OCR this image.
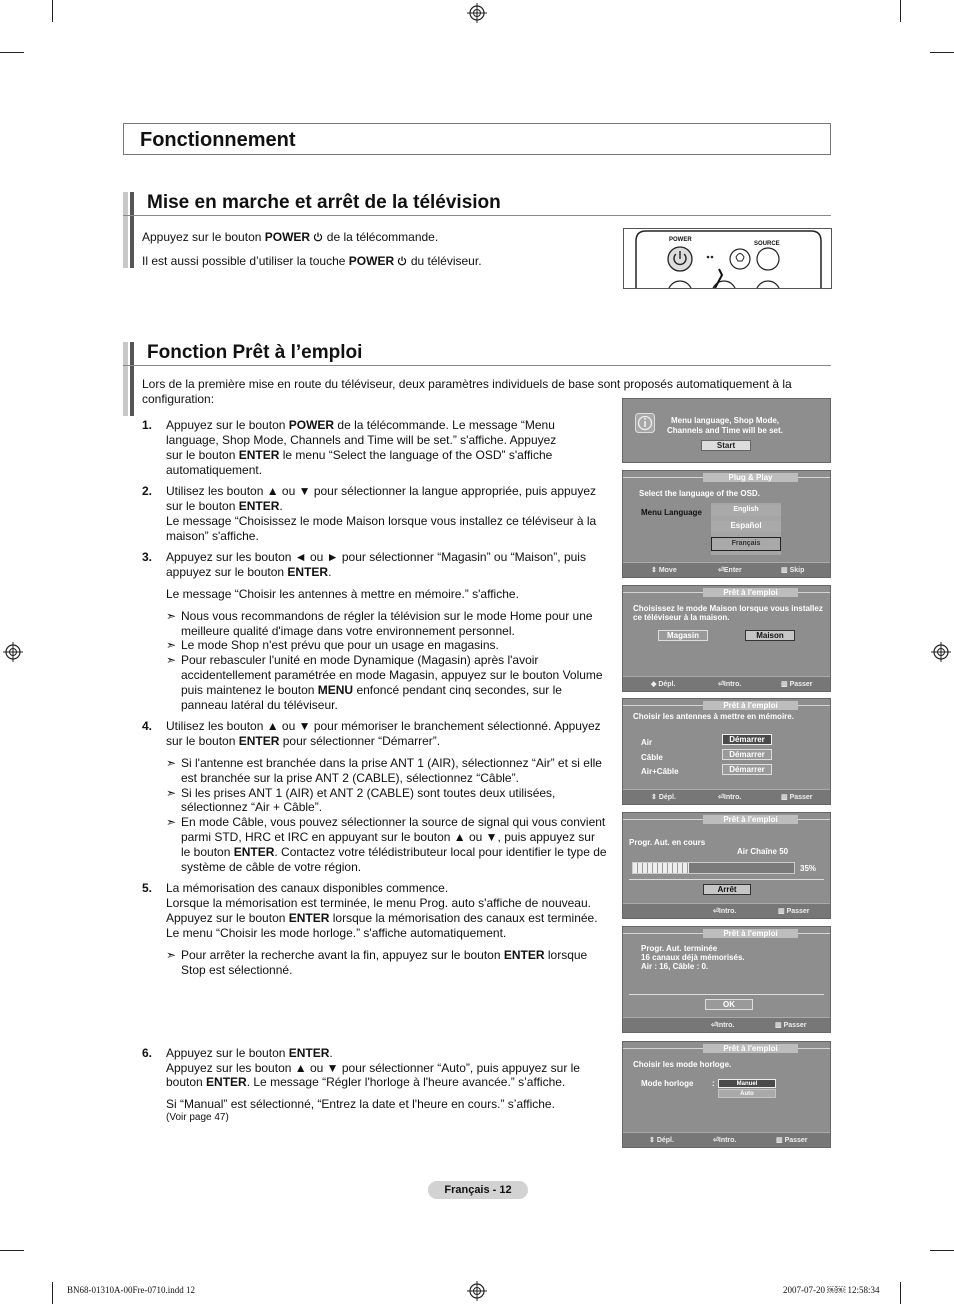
Fonctionnement
Mise en marche et arrêt de la télévision
Appuyez sur le bouton POWER  de la télécommande.
Il est aussi possible d’utiliser la touche POWER  du téléviseur.
POWER
SOURCE
Fonction Prêt à l’emploi
Lors de la première mise en route du téléviseur, deux paramètres individuels de base sont proposés automatiquement à la
configuration:
1. Appuyez sur le bouton POWER de la télécommande. Le message “Menu
language, Shop Mode, Channels and Time will be set.” s'affiche. Appuyez
sur le bouton ENTER le menu “Select the language of the OSD” s'affiche
automatiquement.
2. Utilisez les bouton ▲ ou ▼ pour sélectionner la langue appropriée, puis appuyez
sur le bouton ENTER.
Le message “Choisissez le mode Maison lorsque vous installez ce téléviseur à la
maison” s'affiche.
3. Appuyez sur les bouton ◄ ou ► pour sélectionner “Magasin” ou “Maison”, puis
appuyez sur le bouton ENTER.
Le message “Choisir les antennes à mettre en mémoire.” s'affiche.
➣ Nous vous recommandons de régler la télévision sur le mode Home pour une
meilleure qualité d'image dans votre environnement personnel.
➣ Le mode Shop n'est prévu que pour un usage en magasins.
➣ Pour rebasculer l'unité en mode Dynamique (Magasin) après l'avoir
accidentellement paramétrée en mode Magasin, appuyez sur le bouton Volume
puis maintenez le bouton MENU enfoncé pendant cinq secondes, sur le
panneau latéral du téléviseur.
4. Utilisez les bouton ▲ ou ▼ pour mémoriser le branchement sélectionné. Appuyez
sur le bouton ENTER pour sélectionner “Démarrer”.
➣ Si l'antenne est branchée dans la prise ANT 1 (AIR), sélectionnez “Air” et si elle
est branchée sur la prise ANT 2 (CABLE), sélectionnez “Câble”.
➣ Si les prises ANT 1 (AIR) et ANT 2 (CABLE) sont toutes deux utilisées,
sélectionnez “Air + Câble”.
➣ En mode Câble, vous pouvez sélectionner la source de signal qui vous convient
parmi STD, HRC et IRC en appuyant sur le bouton ▲ ou ▼, puis appuyez sur
le bouton ENTER. Contactez votre télédistributeur local pour identifier le type de
système de câble de votre région.
5. La mémorisation des canaux disponibles commence.
Lorsque la mémorisation est terminée, le menu Prog. auto s'affiche de nouveau.
Appuyez sur le bouton ENTER lorsque la mémorisation des canaux est terminée.
Le menu “Choisir les mode horloge.” s'affiche automatiquement.
➣ Pour arrêter la recherche avant la fin, appuyez sur le bouton ENTER lorsque
Stop est sélectionné.
6. Appuyez sur le bouton ENTER.
Appuyez sur les bouton ▲ ou ▼ pour sélectionner “Auto”, puis appuyez sur le
bouton ENTER. Le message “Régler l'horloge à l'heure avancée.” s’affiche.
Si “Manual” est sélectionné, “Entrez la date et l'heure en cours.” s’affiche.
(Voir page 47)
Menu language, Shop Mode,
Channels and Time will be set.
Start
Plug & Play
Select the language of the OSD.
Menu Language	English
Español
Français
⇕ Move	⏎Enter	▥ Skip
Prêt à l'emploi
Choisissez le mode Maison lorsque vous installez
ce téléviseur à la maison.
Magasin	Maison
◆ Dépl.	⏎Intro.	▥ Passer
Prêt à l'emploi
Choisir les antennes à mettre en mémoire.
Air
Câble
Air+Câble
Démarrer
Démarrer
Démarrer
⇕ Dépl.	⏎Intro.	▥ Passer
Prêt à l'emploi
Progr. Aut. en cours
Air Chaîne 50
35%
Arrêt
⏎Intro.	▥ Passer
Prêt à l'emploi
Progr. Aut. terminée
16 canaux déjà mémorisés.
Air : 16, Câble : 0.
OK
⏎Intro.	▥ Passer
Prêt à l'emploi
Choisir les mode horloge.
Mode horloge :	Manuel
Auto
⇕ Dépl.	⏎Intro.	▥ Passer
Français - 12
BN68-01310A-00Fre-0710.indd 12	2007-07-20 ￼￼ 12:58:34
